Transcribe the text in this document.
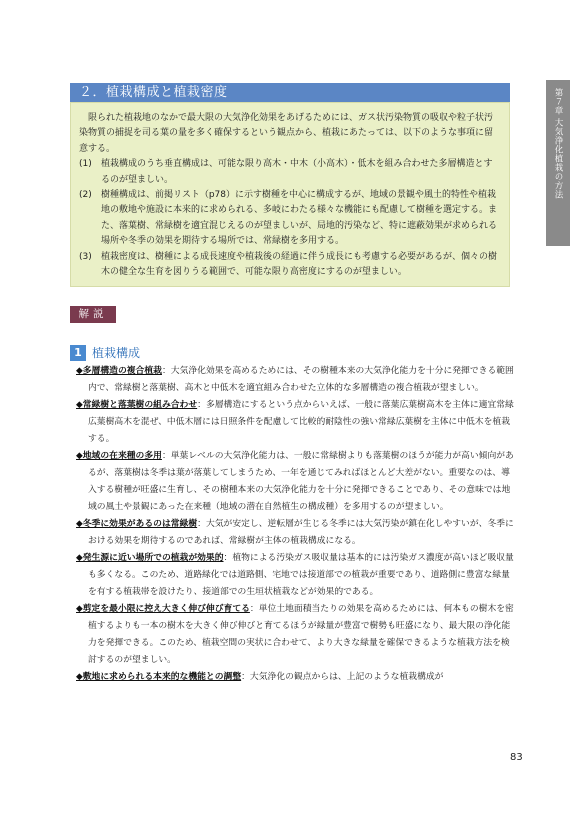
第７章 大気浄化植栽の方法
２．植栽構成と植栽密度

限られた植栽地のなかで最大限の大気浄化効果をあげるためには、ガス状汚染物質の吸収や粒子状汚染物質の捕捉を司る葉の量を多く確保するという観点から、植栽にあたっては、以下のような事項に留意する。

(1)	植栽構成のうち垂直構成は、可能な限り高木・中木（小高木）・低木を組み合わせた多層構造とするのが望ましい。
(2)	樹種構成は、前掲リスト（p78）に示す樹種を中心に構成するが、地域の景観や風土的特性や植栽地の敷地や施設に本来的に求められる、多岐にわたる様々な機能にも配慮して樹種を選定する。また、落葉樹、常緑樹を適宜混じえるのが望ましいが、局地的汚染など、特に遮蔽効果が求められる場所や冬季の効果を期待する場所では、常緑樹を多用する。
(3)	植栽密度は、樹種による成長速度や植栽後の経過に伴う成長にも考慮する必要があるが、個々の樹木の健全な生育を図りうる範囲で、可能な限り高密度にするのが望ましい。
解説
1 植栽構成

◆多層構造の複合植栽：大気浄化効果を高めるためには、その樹種本来の大気浄化能力を十分に発揮できる範囲内で、常緑樹と落葉樹、高木と中低木を適宜組み合わせた立体的な多層構造の複合植栽が望ましい。

◆常緑樹と落葉樹の組み合わせ：多層構造にするという点からいえば、一般に落葉広葉樹高木を主体に適宜常緑広葉樹高木を混ぜ、中低木層には日照条件を配慮して比較的耐陰性の強い常緑広葉樹を主体に中低木を植栽する。

◆地域の在来種の多用：単葉レベルの大気浄化能力は、一般に常緑樹よりも落葉樹のほうが能力が高い傾向があるが、落葉樹は冬季は葉が落葉してしまうため、一年を通じてみればほとんど大差がない。重要なのは、導入する樹種が旺盛に生育し、その樹種本来の大気浄化能力を十分に発揮できることであり、その意味では地域の風土や景観にあった在来種（地域の潜在自然植生の構成種）を多用するのが望ましい。

◆冬季に効果があるのは常緑樹：大気が安定し、逆転層が生じる冬季には大気汚染が鎮在化しやすいが、冬季における効果を期待するのであれば、常緑樹が主体の植栽構成になる。

◆発生源に近い場所での植栽が効果的：植物による汚染ガス吸収量は基本的には汚染ガス濃度が高いほど吸収量も多くなる。このため、道路緑化では道路側、宅地では接道部での植栽が重要であり、道路側に豊富な緑量を有する植栽帯を設けたり、接道部での生垣状植栽などが効果的である。

◆剪定を最小限に控え大きく伸び伸び育てる：単位土地面積当たりの効果を高めるためには、何本もの樹木を密植するよりも一本の樹木を大きく伸び伸びと育てるほうが緑量が豊富で樹勢も旺盛になり、最大限の浄化能力を発揮できる。このため、植栽空間の実状に合わせて、より大きな緑量を確保できるような植栽方法を検討するのが望ましい。

◆敷地に求められる本来的な機能との調整：大気浄化の観点からは、上記のような植栽構成が

83
